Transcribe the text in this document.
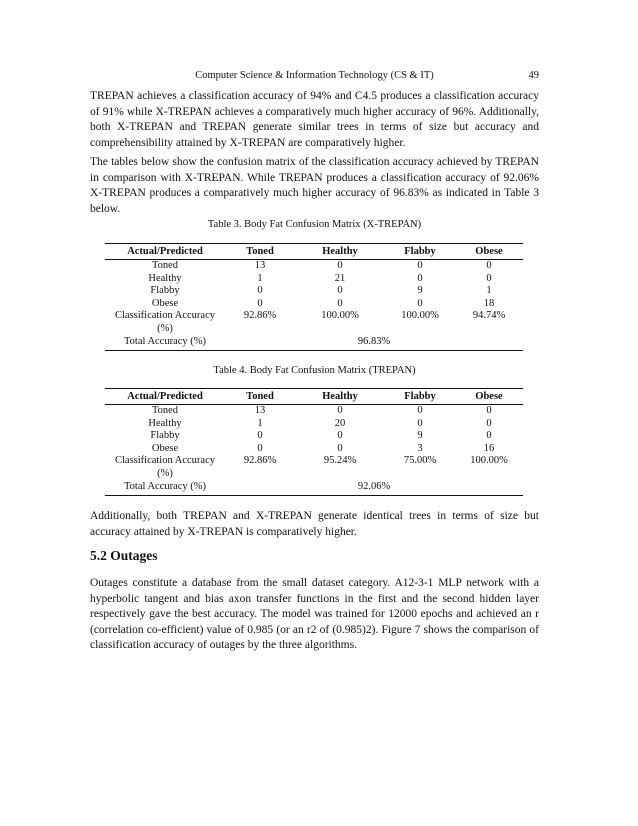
Computer Science & Information Technology (CS & IT)	49

TREPAN achieves a classification accuracy of 94% and C4.5 produces a classification accuracy of 91% while X-TREPAN achieves a comparatively much higher accuracy of 96%. Additionally, both X-TREPAN and TREPAN generate similar trees in terms of size but accuracy and comprehensibility attained by X-TREPAN are comparatively higher.

The tables below show the confusion matrix of the classification accuracy achieved by TREPAN in comparison with X-TREPAN. While TREPAN produces a classification accuracy of 92.06% X-TREPAN produces a comparatively much higher accuracy of 96.83% as indicated in Table 3 below.

Table 3. Body Fat Confusion Matrix (X-TREPAN)
Actual/Predicted	Toned	Healthy	Flabby	Obese
Toned	13	0	0	0
Healthy	1	21	0	0
Flabby	0	0	9	1
Obese	0	0	0	18

Classification Accuracy
(%)	92.86%	100.00%	100.00%	94.74%
Total Accuracy (%)	96.83%			
Table 4. Body Fat Confusion Matrix (TREPAN)
Actual/Predicted	Toned	Healthy	Flabby	Obese
Toned	13	0	0	0
Healthy	1	20	0	0
Flabby	0	0	9	0
Obese	0	0	3	16

Classification Accuracy
(%)	92.86%	95.24%	75.00%	100.00%
Total Accuracy (%)	92.06%			

Additionally, both TREPAN and X-TREPAN generate identical trees in terms of size but accuracy attained by X-TREPAN is comparatively higher.

5.2 Outages

Outages constitute a database from the small dataset category. A12-3-1 MLP network with a hyperbolic tangent and bias axon transfer functions in the first and the second hidden layer respectively gave the best accuracy. The model was trained for 12000 epochs and achieved an r (correlation co-efficient) value of 0.985 (or an r2 of (0.985)2). Figure 7 shows the comparison of classification accuracy of outages by the three algorithms.
